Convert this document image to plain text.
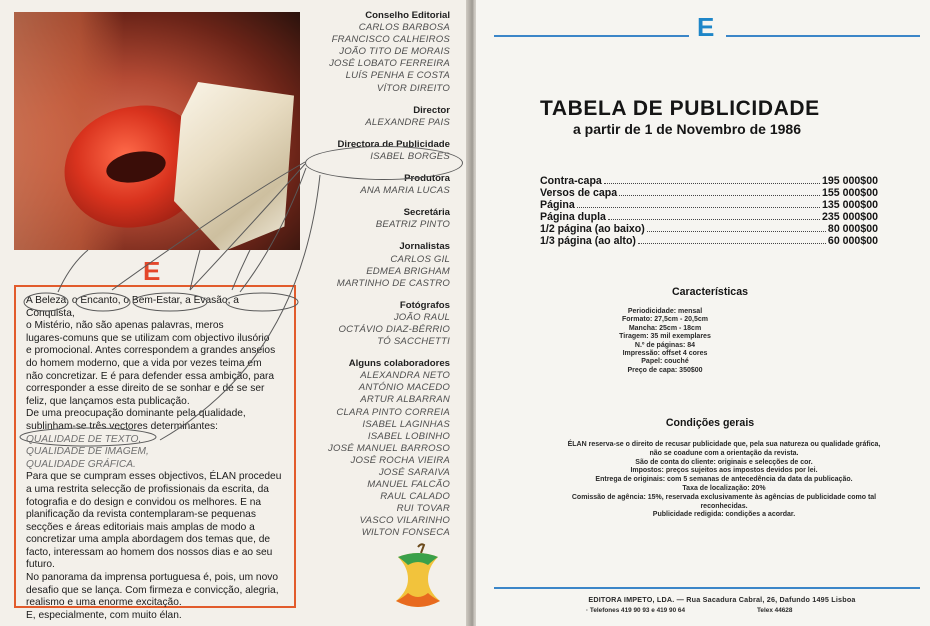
E

A Beleza, o Encanto, o Bem-Estar, a Evasão, a Conquista,

o Mistério, não são apenas palavras, meros

lugares-comuns que se utilizam com objectivo ilusório

e promocional. Antes correspondem a grandes anseios

do homem moderno, que a vida por vezes teima em

não concretizar. E é para defender essa ambição, para

corresponder a esse direito de se sonhar e de se ser

feliz, que lançamos esta publicação.

De uma preocupação dominante pela qualidade,

sublinham-se três vectores determinantes:

QUALIDADE DE TEXTO,

QUALIDADE DE IMAGEM,

QUALIDADE GRÁFICA.

Para que se cumpram esses objectivos, ÉLAN procedeu

a uma restrita selecção de profissionais da escrita, da

fotografia e do design e convidou os melhores. E na

planificação da revista contemplaram-se pequenas

secções e áreas editoriais mais amplas de modo a

concretizar uma ampla abordagem dos temas que, de

facto, interessam ao homem dos nossos dias e ao seu

futuro.

No panorama da imprensa portuguesa é, pois, um novo

desafio que se lança. Com firmeza e convicção, alegria,

realismo e uma enorme excitação.

E, especialmente, com muito élan.

Conselho Editorial
CARLOS BARBOSA
FRANCISCO CALHEIROS
JOÃO TITO DE MORAIS
JOSÉ LOBATO FERREIRA
LUÍS PENHA E COSTA
VÍTOR DIREITO
Director
ALEXANDRE PAIS
Directora de Publicidade
ISABEL BORGES
Produtora
ANA MARIA LUCAS
Secretária
BEATRIZ PINTO
Jornalistas
CARLOS GIL
EDMEA BRIGHAM
MARTINHO DE CASTRO
Fotógrafos
JOÃO RAUL
OCTÁVIO DIAZ-BÉRRIO
TÓ SACCHETTI
Alguns colaboradores
ALEXANDRA NETO
ANTÓNIO MACEDO
ARTUR ALBARRAN
CLARA PINTO CORREIA
ISABEL LAGINHAS
ISABEL LOBINHO
JOSÉ MANUEL BARROSO
JOSÉ ROCHA VIEIRA
JOSÉ SARAIVA
MANUEL FALCÃO
RAUL CALADO
RUI TOVAR
VASCO VILARINHO
WILTON FONSECA
E
TABELA DE PUBLICIDADE
a partir de 1 de Novembro de 1986
Contra-capa	195 000$00
Versos de capa	155 000$00
Página	135 000$00
Página dupla	235 000$00
1/2 página (ao baixo)	80 000$00
1/3 página (ao alto)	60 000$00
Características
Periodicidade: mensal
Formato: 27,5cm - 20,5cm
Mancha: 25cm - 18cm
Tiragem: 35 mil exemplares
N.º de páginas: 84
Impressão: offset 4 cores
Papel: couché
Preço de capa: 350$00
Condições gerais
ÉLAN reserva-se o direito de recusar publicidade que, pela sua natureza ou qualidade gráfica,
não se coadune com a orientação da revista.
São de conta do cliente: originais e selecções de cor.
Impostos: preços sujeitos aos impostos devidos por lei.
Entrega de originais: com 5 semanas de antecedência da data da publicação.
Taxa de localização: 20%
Comissão de agência: 15%, reservada exclusivamente às agências de publicidade como tal
reconhecidas.
Publicidade redigida: condições a acordar.
EDITORA IMPETO, LDA. — Rua Sacadura Cabral, 26, Dafundo 1495 Lisboa
· Telefones 419 90 93 e 419 90 64	Telex 44628
